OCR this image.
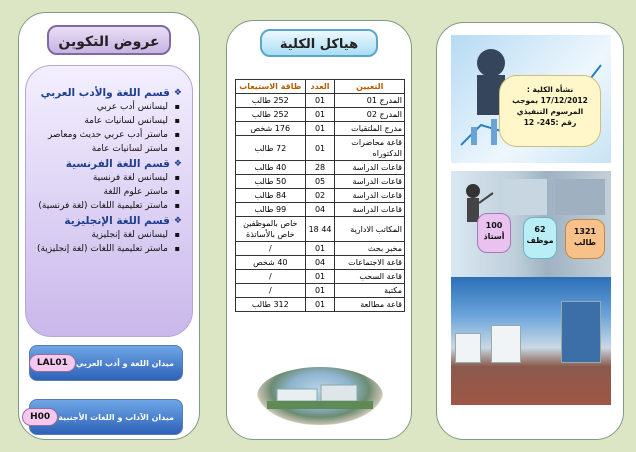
عروض التكوين
❖
قسم اللغة والأدب العربي
▪ ليسانس أدب عربي
▪ ليسانس لسانيات عامة
▪ ماستر أدب عربي حديث ومعاصر
▪ ماستر لسانيات عامة
❖
قسم اللغة الفرنسية
▪ ليسانس لغة فرنسية
▪ ماستر علوم اللغة
▪ ماستر تعليمية اللغات (لغة فرنسية)
❖
قسم اللغة الإنجليزية
▪ ليسانس لغة إنجليزية
▪ ماستر تعليمية اللغات (لغة إنجليزية)
ميدان اللغة و أدب العربي
LAL01
ميدان الآداب و اللغات الأجنبية
H00
هياكل الكلية
التعيين	العدد	طاقة الاستيعاب
المدرج 01	01	252 طالب
المدرج 02	01	252 طالب
مدرج الملتقيات	01	176 شخص
قاعة محاضرات الدكتوراه	01	72 طالب
قاعات الدراسة	28	40 طالب
قاعات الدراسة	05	50 طالب
قاعات الدراسة	02	84 طالب
قاعات الدراسة	04	99 طالب
المكاتب الادارية	44 18	خاص بالموظفين خاص بالأساتذة
مخبر بحث	01	/
قاعة الاجتماعات	04	40 شخص
قاعة السحب	01	/
مكتبة	01	/
قاعة مطالعة	01	312 طالب
نشأة الكلية :
17/12/2012 بموجب
المرسوم التنفيذي
رقم :245- 12
100
أستاذ
62
موظف
1321
طالب
